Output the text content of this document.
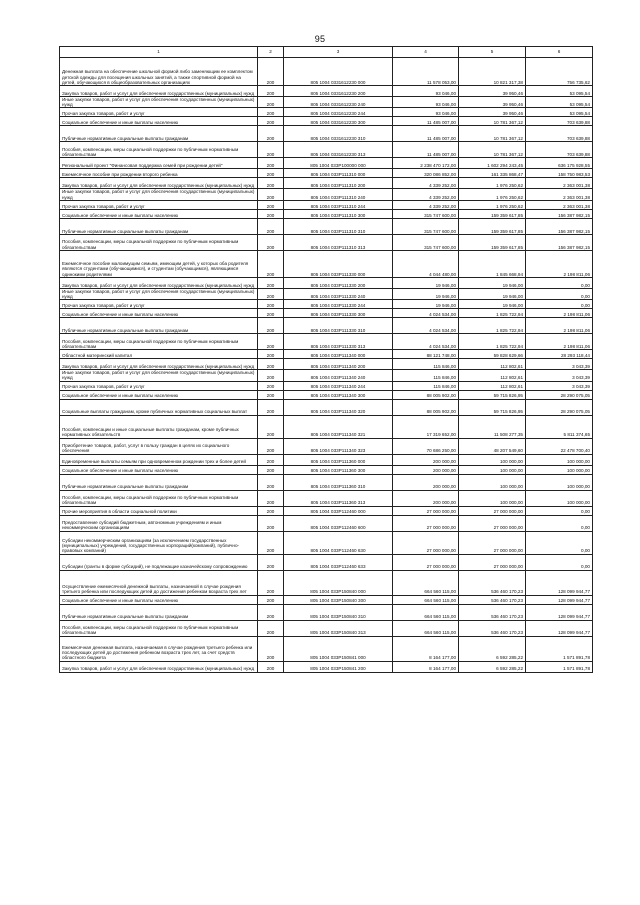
95
1	2	3	4	5	6
Денежная выплата на обеспечение школьной формой либо заменяющим ее комплектом детской одежды для посещения школьных занятий, а также спортивной формой на детей, обучающихся в общеобразовательных организациях	200	805 1004 0331612230 000	11 578 053,00	10 821 317,38	756 735,62
Закупка товаров, работ и услуг для обеспечения государственных (муниципальных) нужд	200	805 1004 0331612230 200	93 046,00	39 950,46	53 095,54
Иные закупки товаров, работ и услуг для обеспечения государственных (муниципальных) нужд	200	805 1004 0331612230 240	93 046,00	39 950,46	53 095,54
Прочая закупка товаров, работ и услуг	200	805 1004 0331612230 244	93 046,00	39 950,46	53 095,54
Социальное обеспечение и иные выплаты населению	200	805 1004 0331612230 300	11 485 007,00	10 781 367,12	703 639,88
Публичные нормативные социальные выплаты гражданам	200	805 1004 0331612230 310	11 485 007,00	10 781 367,12	703 639,88
Пособия, компенсации, меры социальной поддержки по публичным нормативным обязательствам	200	805 1004 0331612230 313	11 485 007,00	10 781 367,12	703 639,88
Региональный проект "Финансовая поддержка семей при рождении детей"	200	805 1004 033P100000 000	2 238 470 172,00	1 602 294 243,45	636 175 928,55
Ежемесячное пособие при рождении второго ребенка	200	805 1004 033P111310 000	320 086 852,00	161 335 868,47	158 750 983,53
Закупка товаров, работ и услуг для обеспечения государственных (муниципальных) нужд	200	805 1004 033P111310 200	4 339 252,00	1 976 250,62	2 363 001,38
Иные закупки товаров, работ и услуг для обеспечения государственных (муниципальных) нужд	200	805 1004 033P111310 240	4 339 252,00	1 976 250,62	2 363 001,38
Прочая закупка товаров, работ и услуг	200	805 1004 033P111310 244	4 339 252,00	1 976 250,62	2 363 001,38
Социальное обеспечение и иные выплаты населению	200	805 1004 033P111310 300	315 747 600,00	159 359 617,85	156 387 982,15
Публичные нормативные социальные выплаты гражданам	200	805 1004 033P111310 310	315 747 600,00	159 359 617,85	156 387 982,15
Пособия, компенсации, меры социальной поддержки по публичным нормативным обязательствам	200	805 1004 033P111310 313	315 747 600,00	159 359 617,85	156 387 982,15
Ежемесячное пособие малоимущим семьям, имеющим детей, у которых оба родителя являются студентами (обучающимися), и студентам (обучающимся), являющимся одинокими родителями	200	805 1004 033P111330 000	4 044 480,00	1 845 668,94	2 198 811,06
Закупка товаров, работ и услуг для обеспечения государственных (муниципальных) нужд	200	805 1004 033P111330 200	19 946,00	19 946,00	0,00
Иные закупки товаров, работ и услуг для обеспечения государственных (муниципальных) нужд	200	805 1004 033P111330 240	19 946,00	19 946,00	0,00
Прочая закупка товаров, работ и услуг	200	805 1004 033P111330 244	19 946,00	19 946,00	0,00
Социальное обеспечение и иные выплаты населению	200	805 1004 033P111330 300	4 024 534,00	1 825 722,94	2 198 811,06
Публичные нормативные социальные выплаты гражданам	200	805 1004 033P111330 310	4 024 534,00	1 825 722,94	2 198 811,06
Пособия, компенсации, меры социальной поддержки по публичным нормативным обязательствам	200	805 1004 033P111330 313	4 024 534,00	1 825 722,94	2 198 811,06
Областной материнский капитал	200	805 1004 033P111340 000	88 121 748,00	59 828 629,66	28 293 118,44
Закупка товаров, работ и услуг для обеспечения государственных (муниципальных) нужд	200	805 1004 033P111340 200	115 846,00	112 802,61	3 043,39
Иные закупки товаров, работ и услуг для обеспечения государственных (муниципальных) нужд	200	805 1004 033P111340 240	115 846,00	112 802,61	3 043,39
Прочая закупка товаров, работ и услуг	200	805 1004 033P111340 244	115 846,00	112 802,61	3 043,39
Социальное обеспечение и иные выплаты населению	200	805 1004 033P111340 300	88 005 902,00	59 715 826,95	28 290 075,05
Социальные выплаты гражданам, кроме публичных нормативных социальных выплат	200	805 1004 033P111340 320	88 005 902,00	59 715 826,95	28 290 075,05
Пособия, компенсации и иные социальные выплаты гражданам, кроме публичных нормативных обязательств	200	805 1004 033P111340 321	17 319 652,00	11 508 277,35	5 811 374,65
Приобретение товаров, работ, услуг в пользу граждан в целях их социального обеспечения	200	805 1004 033P111340 323	70 686 250,00	48 207 549,60	22 478 700,40
Единовременные выплаты семьям при одновременном рождении трех и более детей	200	805 1004 033P111360 000	200 000,00	100 000,00	100 000,00
Социальное обеспечение и иные выплаты населению	200	805 1004 033P111360 300	200 000,00	100 000,00	100 000,00
Публичные нормативные социальные выплаты гражданам	200	805 1004 033P111360 310	200 000,00	100 000,00	100 000,00
Пособия, компенсации, меры социальной поддержки по публичным нормативным обязательствам	200	805 1004 033P111360 313	200 000,00	100 000,00	100 000,00
Прочие мероприятия в области социальной политики	200	805 1004 033P112460 000	27 000 000,00	27 000 000,00	0,00
Предоставление субсидий бюджетным, автономным учреждениям и иным некоммерческим организациям	200	805 1004 033P112460 600	27 000 000,00	27 000 000,00	0,00
Субсидии некоммерческим организациям (за исключением государственных (муниципальных) учреждений, государственных корпораций(компаний), публично-правовых компаний)	200	805 1004 033P112460 630	27 000 000,00	27 000 000,00	0,00
Субсидии (гранты в форме субсидий), не подлежащие казначейскому сопровождению	200	805 1004 033P112460 633	27 000 000,00	27 000 000,00	0,00
Осуществление ежемесячной денежной выплаты, назначаемой в случае рождения третьего ребенка или последующих детей до достижения ребенком возраста трех лет	200	805 1004 033P150840 000	664 560 115,00	536 460 170,23	128 099 944,77
Социальное обеспечение и иные выплаты населению	200	805 1004 033P150840 300	664 560 115,00	536 460 170,23	128 099 944,77
Публичные нормативные социальные выплаты гражданам	200	805 1004 033P150840 310	664 560 115,00	536 460 170,23	128 099 944,77
Пособия, компенсации, меры социальной поддержки по публичным нормативным обязательствам	200	805 1004 033P150840 313	664 560 115,00	536 460 170,23	128 099 944,77
Ежемесячная денежная выплата, назначаемая в случае рождения третьего ребенка или последующих детей до достижения ребенком возраста трех лет, за счет средств областного бюджета	200	805 1004 033P150841 000	8 164 177,00	6 592 285,22	1 571 891,78
Закупка товаров, работ и услуг для обеспечения государственных (муниципальных) нужд	200	805 1004 033P150841 200	8 164 177,00	6 592 285,22	1 571 891,78
